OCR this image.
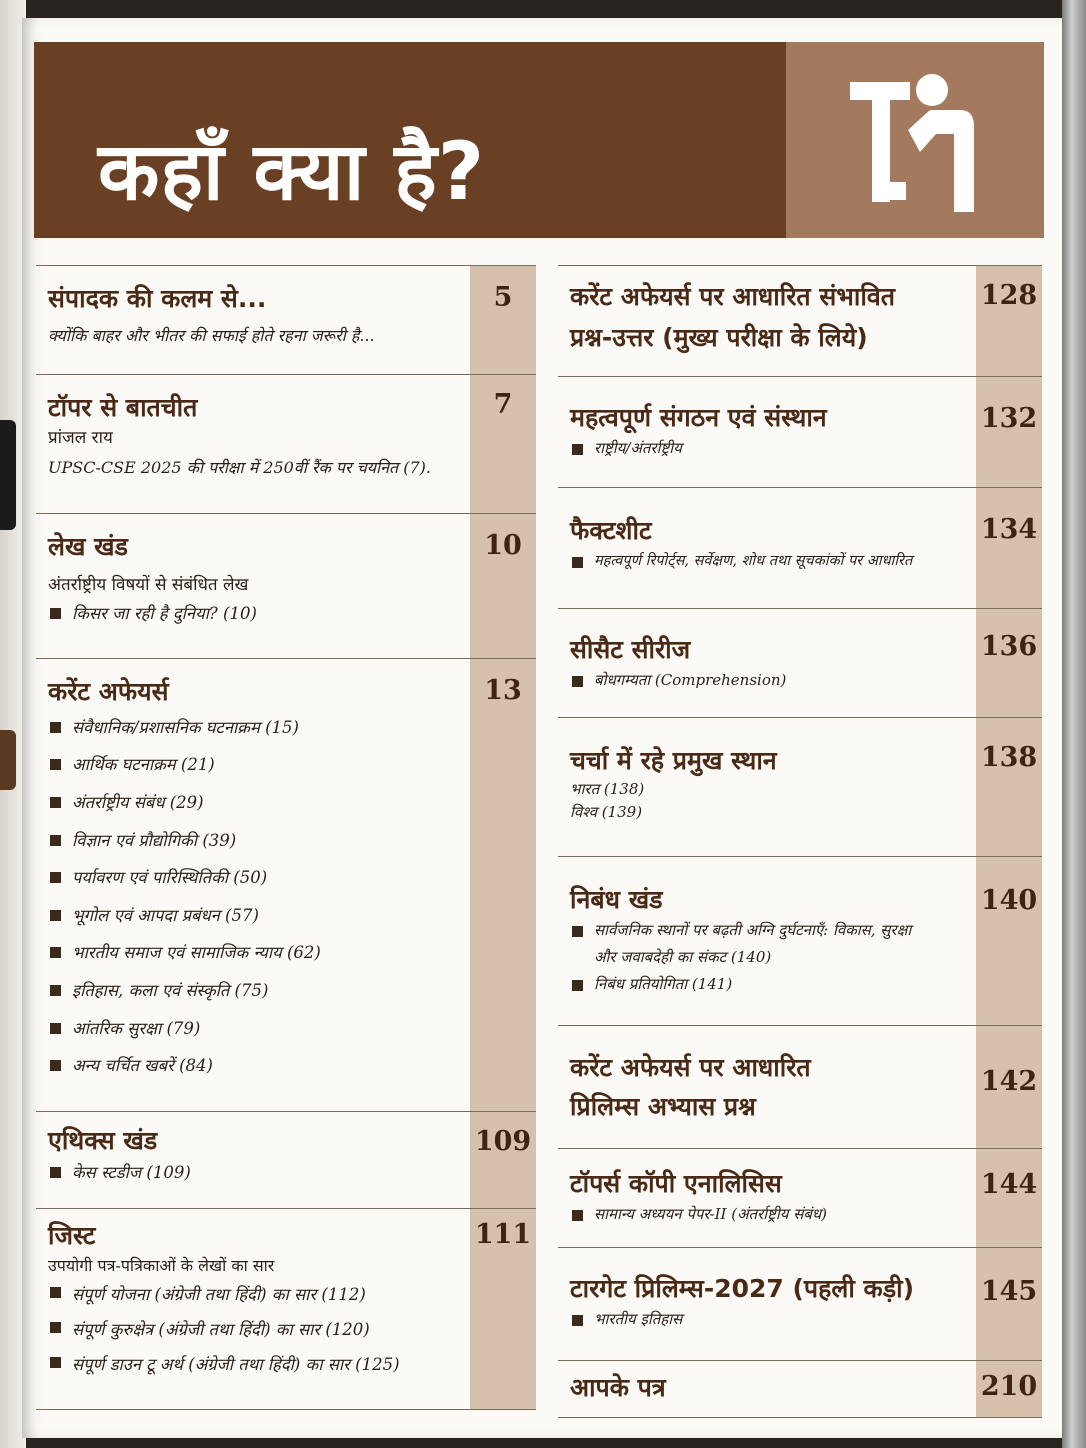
कहाँ क्या है?
5
संपादक की कलम से...
क्योंकि बाहर और भीतर की सफाई होते रहना जरूरी है...
7
टॉपर से बातचीत
प्रांजल राय
UPSC-CSE 2025 की परीक्षा में 250वीं रैंक पर चयनित (7).
10
लेख खंड
अंतर्राष्ट्रीय विषयों से संबंधित लेख
किसर जा रही है दुनिया? (10)
13
करेंट अफेयर्स
संवैधानिक/प्रशासनिक घटनाक्रम (15)
आर्थिक घटनाक्रम (21)
अंतर्राष्ट्रीय संबंध (29)
विज्ञान एवं प्रौद्योगिकी (39)
पर्यावरण एवं पारिस्थितिकी (50)
भूगोल एवं आपदा प्रबंधन (57)
भारतीय समाज एवं सामाजिक न्याय (62)
इतिहास, कला एवं संस्कृति (75)
आंतरिक सुरक्षा (79)
अन्य चर्चित खबरें (84)
109
एथिक्स खंड
केस स्टडीज (109)
111
जिस्ट
उपयोगी पत्र-पत्रिकाओं के लेखों का सार
संपूर्ण योजना (अंग्रेजी तथा हिंदी) का सार (112)
संपूर्ण कुरुक्षेत्र (अंग्रेजी तथा हिंदी) का सार (120)
संपूर्ण डाउन टू अर्थ (अंग्रेजी तथा हिंदी) का सार (125)
128
करेंट अफेयर्स पर आधारित संभावित
प्रश्न-उत्तर (मुख्य परीक्षा के लिये)
132
महत्वपूर्ण संगठन एवं संस्थान
राष्ट्रीय/अंतर्राष्ट्रीय
134
फैक्टशीट
महत्वपूर्ण रिपोर्ट्स, सर्वेक्षण, शोध तथा सूचकांकों पर आधारित
136
सीसैट सीरीज
बोधगम्यता (Comprehension)
138
चर्चा में रहे प्रमुख स्थान
भारत (138)
विश्व (139)
140
निबंध खंड
सार्वजनिक स्थानों पर बढ़ती अग्नि दुर्घटनाएँ: विकास, सुरक्षा
और जवाबदेही का संकट (140)
निबंध प्रतियोगिता (141)
142
करेंट अफेयर्स पर आधारित
प्रिलिम्स अभ्यास प्रश्न
144
टॉपर्स कॉपी एनालिसिस
सामान्य अध्ययन पेपर-II (अंतर्राष्ट्रीय संबंध)
145
टारगेट प्रिलिम्स-2027 (पहली कड़ी)
भारतीय इतिहास
210
आपके पत्र
